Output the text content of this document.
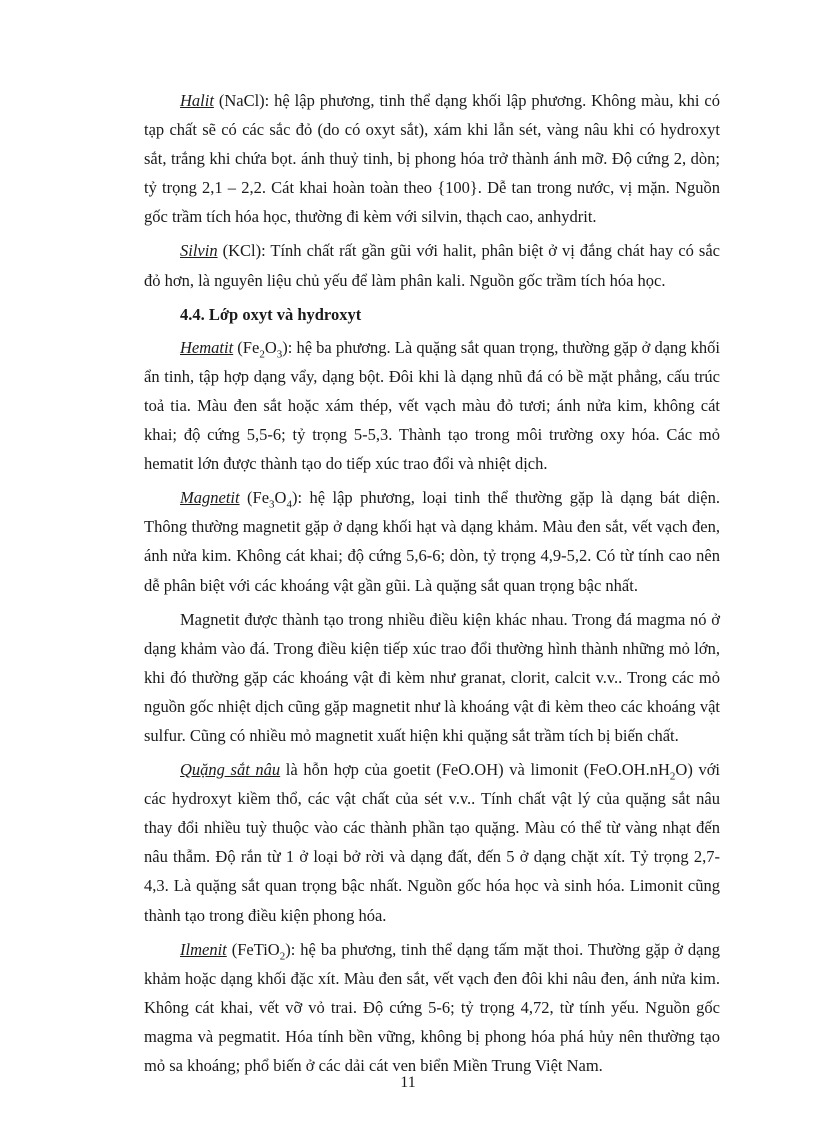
Halit (NaCl): hệ lập phương, tinh thể dạng khối lập phương. Không màu, khi có tạp chất sẽ có các sắc đỏ (do có oxyt sắt), xám khi lẫn sét, vàng nâu khi có hydroxyt sắt, trắng khi chứa bọt. ánh thuỷ tinh, bị phong hóa trở thành ánh mỡ. Độ cứng 2, dòn; tỷ trọng 2,1 – 2,2. Cát khai hoàn toàn theo {100}. Dễ tan trong nước, vị mặn. Nguồn gốc trầm tích hóa học, thường đi kèm với silvin, thạch cao, anhydrit.

Silvin (KCl): Tính chất rất gần gũi với halit, phân biệt ở vị đắng chát hay có sắc đỏ hơn, là nguyên liệu chủ yếu để làm phân kali. Nguồn gốc trầm tích hóa học.

4.4. Lớp oxyt và hydroxyt

Hematit $(Fe_2O_3)$: hệ ba phương. Là quặng sắt quan trọng, thường gặp ở dạng khối ẩn tinh, tập hợp dạng vẩy, dạng bột. Đôi khi là dạng nhũ đá có bề mặt phẳng, cấu trúc toả tia. Màu đen sắt hoặc xám thép, vết vạch màu đỏ tươi; ánh nửa kim, không cát khai; độ cứng 5,5-6; tỷ trọng 5-5,3. Thành tạo trong môi trường oxy hóa. Các mỏ hematit lớn được thành tạo do tiếp xúc trao đổi và nhiệt dịch.

Magnetit $(Fe_3O_4)$: hệ lập phương, loại tinh thể thường gặp là dạng bát diện. Thông thường magnetit gặp ở dạng khối hạt và dạng khảm. Màu đen sắt, vết vạch đen, ánh nửa kim. Không cát khai; độ cứng 5,6-6; dòn, tỷ trọng 4,9-5,2. Có từ tính cao nên dễ phân biệt với các khoáng vật gần gũi. Là quặng sắt quan trọng bậc nhất.

Magnetit được thành tạo trong nhiều điều kiện khác nhau. Trong đá magma nó ở dạng khảm vào đá. Trong điều kiện tiếp xúc trao đổi thường hình thành những mỏ lớn, khi đó thường gặp các khoáng vật đi kèm như granat, clorit, calcit v.v.. Trong các mỏ nguồn gốc nhiệt dịch cũng gặp magnetit như là khoáng vật đi kèm theo các khoáng vật sulfur. Cũng có nhiều mỏ magnetit xuất hiện khi quặng sắt trầm tích bị biến chất.

Quặng sắt nâu là hỗn hợp của goetit (FeO.OH) và limonit $(FeO.OH.nH_2O)$ với các hydroxyt kiềm thổ, các vật chất của sét v.v.. Tính chất vật lý của quặng sắt nâu thay đổi nhiều tuỳ thuộc vào các thành phần tạo quặng. Màu có thể từ vàng nhạt đến nâu thẫm. Độ rắn từ 1 ở loại bở rời và dạng đất, đến 5 ở dạng chặt xít. Tỷ trọng 2,7-4,3. Là quặng sắt quan trọng bậc nhất. Nguồn gốc hóa học và sinh hóa. Limonit cũng thành tạo trong điều kiện phong hóa.

Ilmenit (FeTiO$_2$): hệ ba phương, tinh thể dạng tấm mặt thoi. Thường gặp ở dạng khảm hoặc dạng khối đặc xít. Màu đen sắt, vết vạch đen đôi khi nâu đen, ánh nửa kim. Không cát khai, vết vỡ vỏ trai. Độ cứng 5-6; tỷ trọng 4,72, từ tính yếu. Nguồn gốc magma và pegmatit. Hóa tính bền vững, không bị phong hóa phá hủy nên thường tạo mỏ sa khoáng; phổ biến ở các dải cát ven biển Miền Trung Việt Nam.

11
